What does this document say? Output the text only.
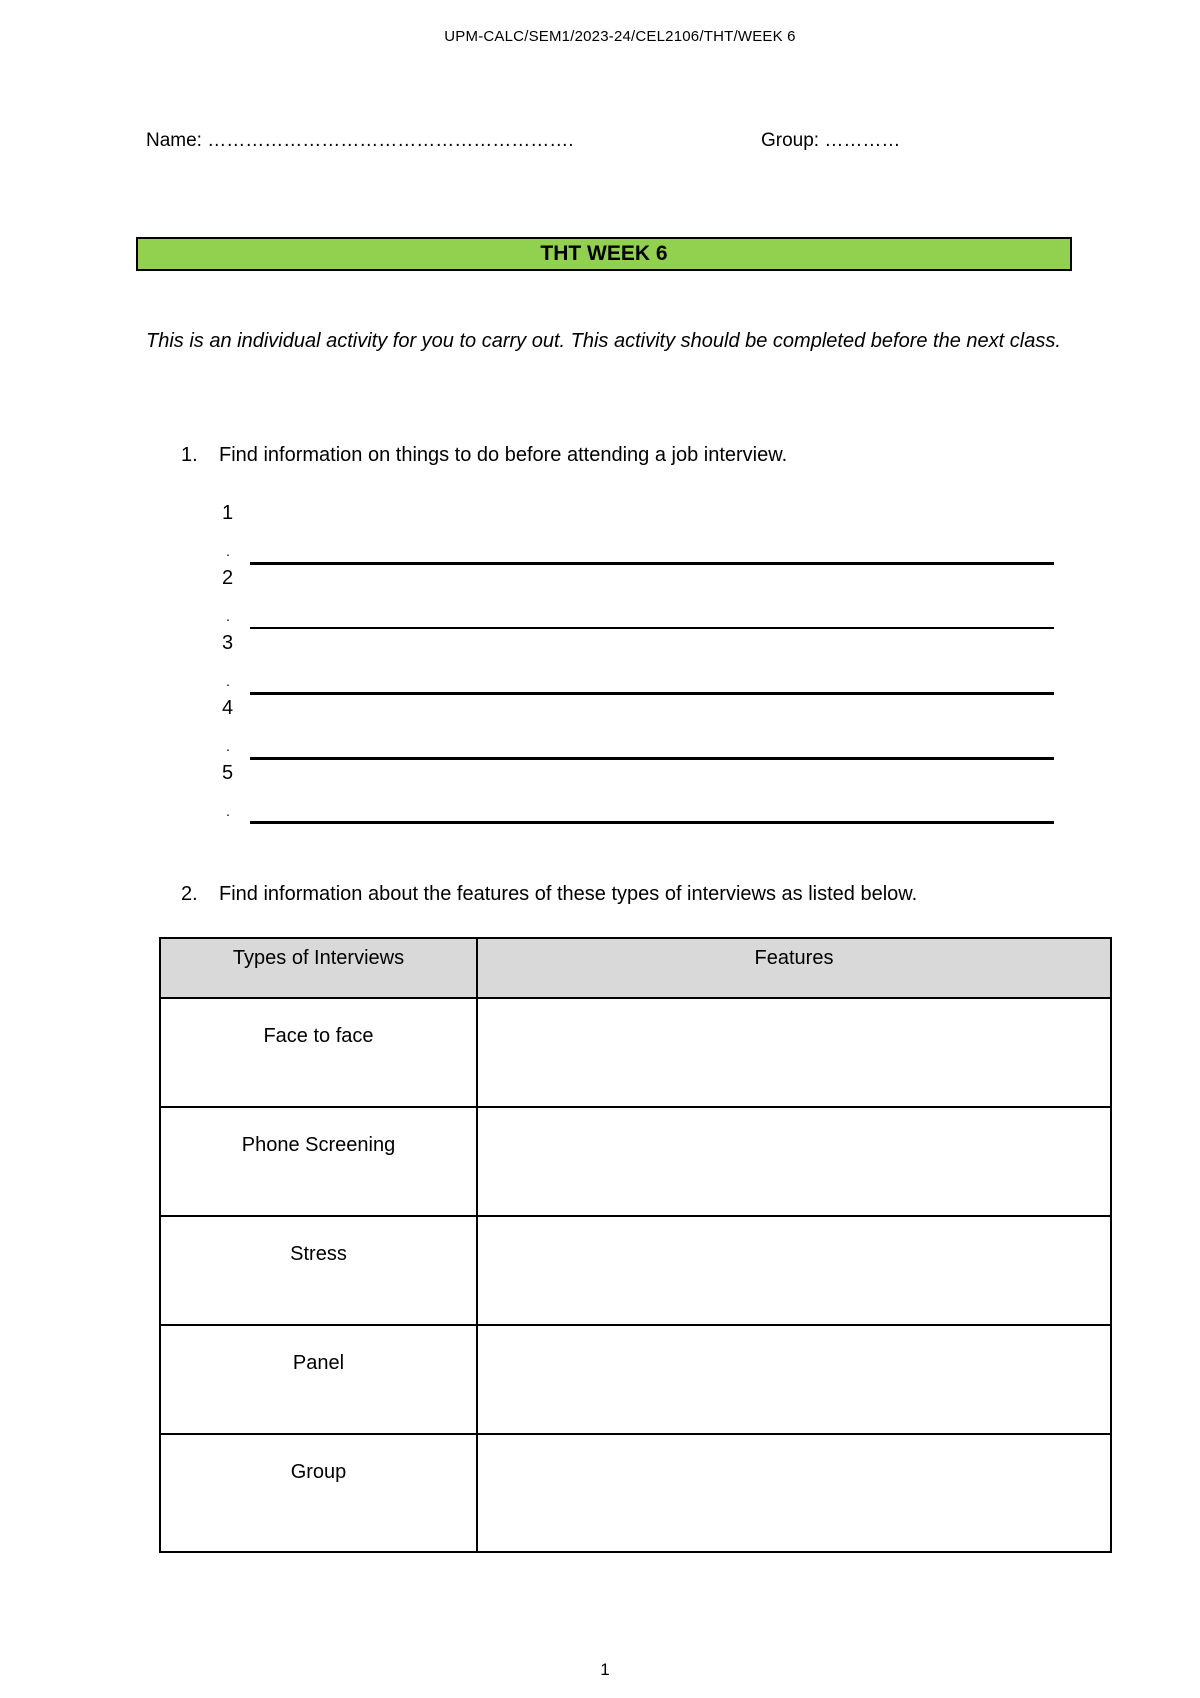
UPM-CALC/SEM1/2023-24/CEL2106/THT/WEEK 6
Name: ………………………………………………….	Group: …………
THT WEEK 6
This is an individual activity for you to carry out. This activity should be completed before the next class.
1. Find information on things to do before attending a job interview.
1
.
2
.
3
.
4
.
5
.
2. Find information about the features of these types of interviews as listed below.
Types of Interviews	Features
Face to face	
Phone Screening	
Stress	
Panel	
Group	
1
